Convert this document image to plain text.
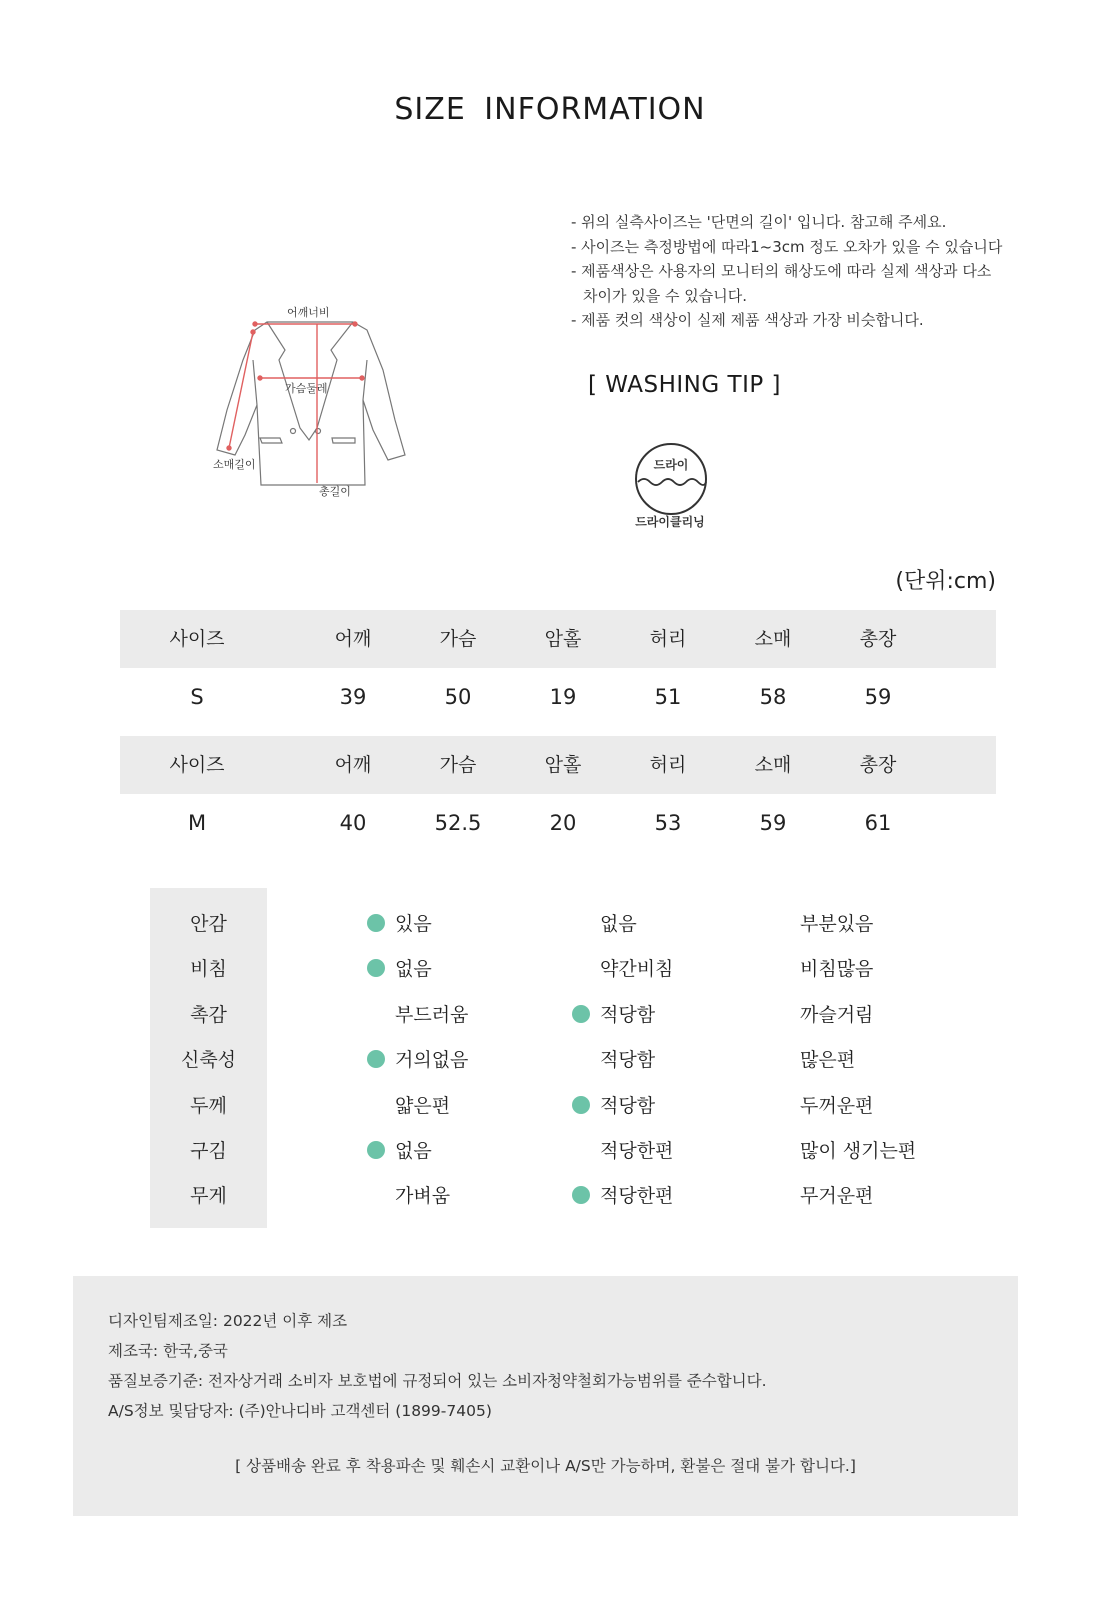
SIZE INFORMATION
- 위의 실측사이즈는 '단면의 길이' 입니다. 참고해 주세요.
- 사이즈는 측정방법에 따라1~3cm 정도 오차가 있을 수 있습니다
- 제품색상은 사용자의 모니터의 해상도에 따라 실제 색상과 다소
차이가 있을 수 있습니다.
- 제품 컷의 색상이 실제 제품 색상과 가장 비슷합니다.
어깨너비
가슴둘레
소매길이
총길이
[ WASHING TIP ]
드라이
드라이클리닝
(단위:cm)
사이즈	어깨	가슴	암홀	허리	소매	총장
S	39	50	19	51	58	59
사이즈	어깨	가슴	암홀	허리	소매	총장
M	40	52.5	20	53	59	61
안감	있음	없음	부분있음
비침	없음	약간비침	비침많음
촉감	부드러움	적당함	까슬거림
신축성	거의없음	적당함	많은편
두께	얇은편	적당함	두꺼운편
구김	없음	적당한편	많이 생기는편
무게	가벼움	적당한편	무거운편
디자인팀제조일: 2022년 이후 제조
제조국: 한국,중국
품질보증기준: 전자상거래 소비자 보호법에 규정되어 있는 소비자청약철회가능범위를 준수합니다.
A/S정보 및담당자: (주)안나디바 고객센터 (1899-7405)
[ 상품배송 완료 후 착용파손 및 훼손시 교환이나 A/S만 가능하며, 환불은 절대 불가 합니다.]
